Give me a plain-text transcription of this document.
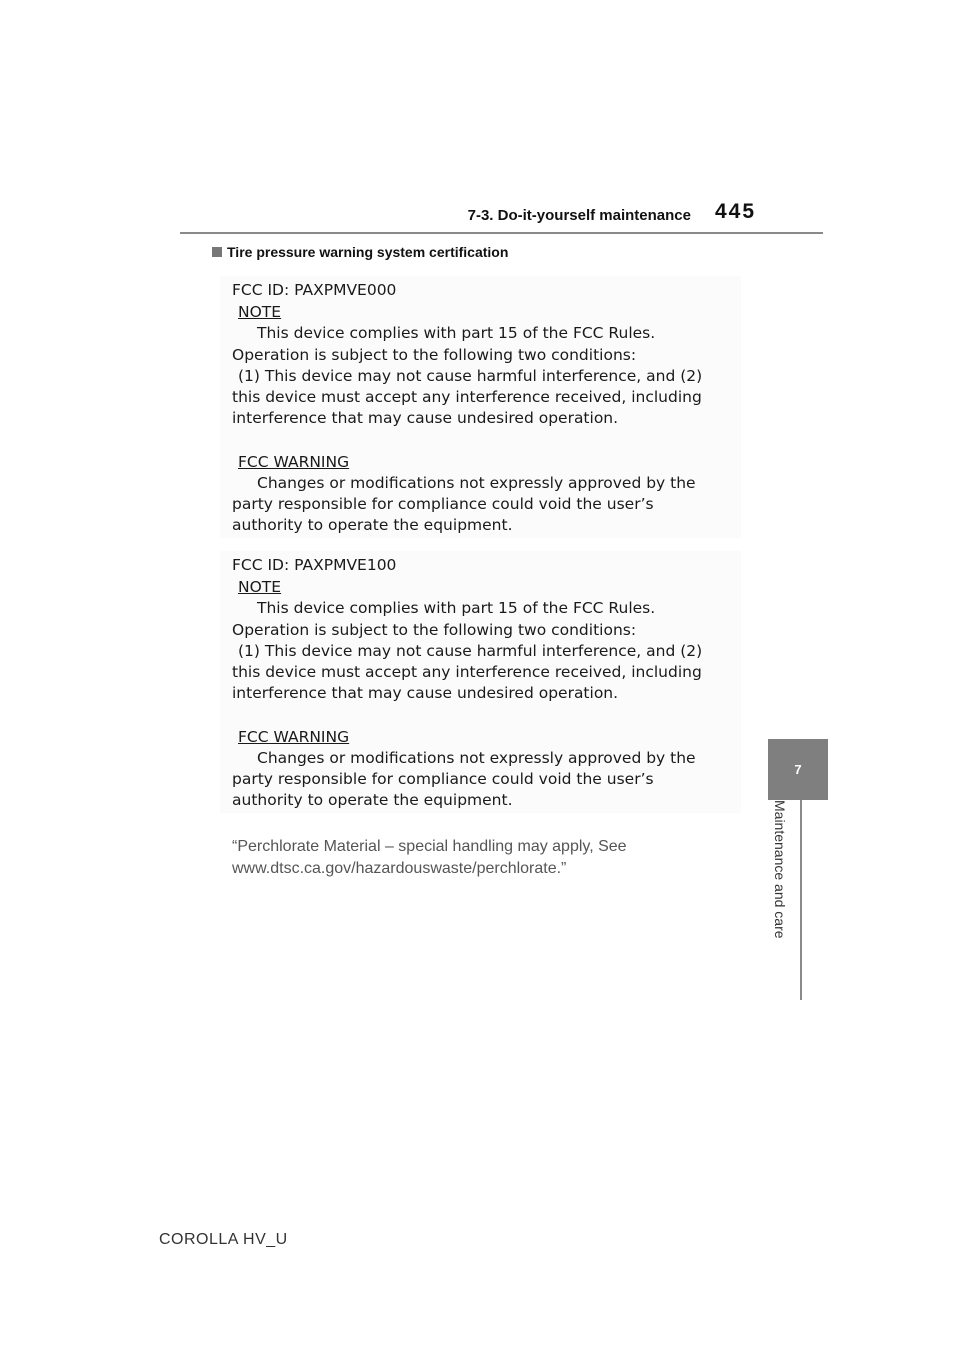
7-3. Do-it-yourself maintenance 445
Tire pressure warning system certification
FCC ID: PAXPMVE000
NOTE
This device complies with part 15 of the FCC Rules.
Operation is subject to the following two conditions:
(1) This device may not cause harmful interference, and (2)
this device must accept any interference received, including
interference that may cause undesired operation.
FCC WARNING
Changes or modifications not expressly approved by the
party responsible for compliance could void the user’s
authority to operate the equipment.
FCC ID: PAXPMVE100
NOTE
This device complies with part 15 of the FCC Rules.
Operation is subject to the following two conditions:
(1) This device may not cause harmful interference, and (2)
this device must accept any interference received, including
interference that may cause undesired operation.
FCC WARNING
Changes or modifications not expressly approved by the
party responsible for compliance could void the user’s
authority to operate the equipment.
“Perchlorate Material – special handling may apply, See
www.dtsc.ca.gov/hazardouswaste/perchlorate.”
7
Maintenance and care
COROLLA HV_U
